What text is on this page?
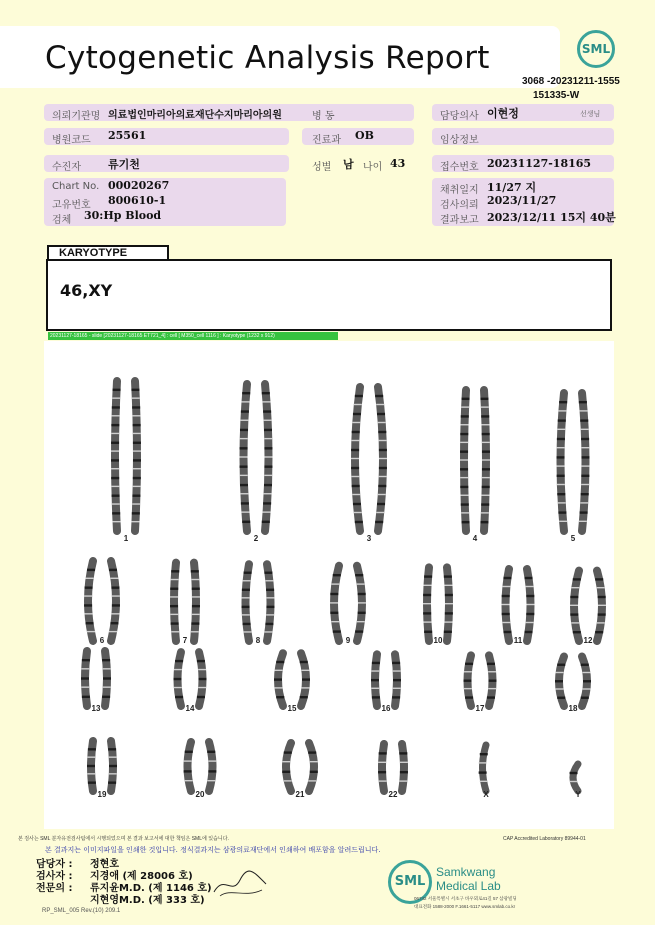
Cytogenetic Analysis Report	SML
3068 -20231211-1555
151335-W
의뢰기관명 의료법인마리아의료재단수지마리아의원	병 동	담당의사 이현정	선생님
병원코드 25561	진료과 OB	임상정보
수진자 류기천	성별 남 나이 43	접수번호 20231127-18165
Chart No. 00020267
고유번호 800610-1
검체 30:Hp Blood
채취일지 11/27 지
검사의뢰 2023/11/27
결과보고 2023/12/11 15지 40분
KARYOTYPE
46,XY
20231127-18165 - slide [20231127-18165 ET721_4] : cell [ M350_cell 1116 ] : Karyotype (1232 x 912)
1	2	3	4	5
6	7	8	9	10	11	12
13	14	15	16	17	18
19	20	21	22	X	Y
본 검사는 SML 분자유전검사팀에서 시행되었으며 본 결과 보고서에 대한 책임은 SML에 있습니다.	CAP Accredited Laboratory 89944-01
본 결과지는 이미지파일을 인쇄한 것입니다. 정식결과지는 삼광의료재단에서 인쇄하여 배포함을 알려드립니다.
담당자 : 정현호
검사자 : 지경애 (제 28006 호)
전문의 : 류지윤M.D. (제 1146 호)
지현영M.D. (제 333 호)
SML
Samkwang
Medical Lab
06742 서울특별시 서초구 바우뫼로41길 57 삼광빌딩
대표전화 1588-2000 F.1661-5117 www.smlab.co.kr
RP_SML_005 Rev.(10) 209.1
